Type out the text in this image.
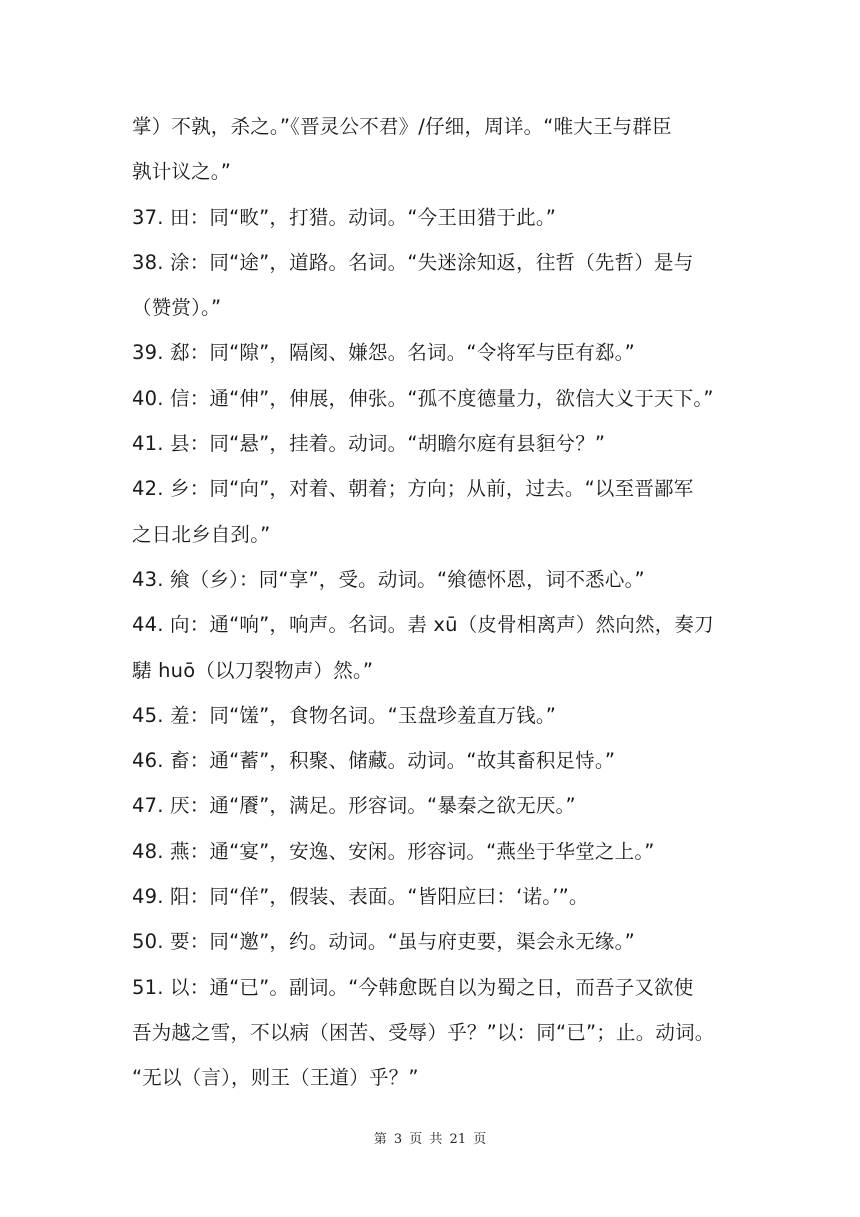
掌）不孰，杀之。”《晋灵公不君》/仔细，周详。“唯大王与群臣
孰计议之。”
37. 田：同“畋”，打猎。动词。“今王田猎于此。”
38. 涂：同“途”，道路。名词。“失迷涂知返，往哲（先哲）是与
（赞赏）。”
39. 郄：同“隙”，隔阂、嫌怨。名词。“令将军与臣有郄。”
40. 信：通“伸”，伸展，伸张。“孤不度德量力，欲信大义于天下。”
41. 县：同“悬”，挂着。动词。“胡瞻尔庭有县貆兮？”
42. 乡：同“向”，对着、朝着；方向；从前，过去。“以至晋鄙军
之日北乡自刭。”
43. 飨（乡）：同“享”，受。动词。“飨德怀恩，词不悉心。”
44. 向：通“响”，响声。名词。砉 xū（皮骨相离声）然向然，奏刀
騞 huō（以刀裂物声）然。”
45. 羞：同“馐”，食物名词。“玉盘珍羞直万钱。”
46. 畜：通“蓄”，积聚、储藏。动词。“故其畜积足恃。”
47. 厌：通“餍”，满足。形容词。“暴秦之欲无厌。”
48. 燕：通“宴”，安逸、安闲。形容词。“燕坐于华堂之上。”
49. 阳：同“佯”，假装、表面。“皆阳应曰：‘诺。’”。
50. 要：同“邀”，约。动词。“虽与府吏要，渠会永无缘。”
51. 以：通“已”。副词。“今韩愈既自以为蜀之日，而吾子又欲使
吾为越之雪，不以病（困苦、受辱）乎？”以：同“已”；止。动词。
“无以（言），则王（王道）乎？”
第 3 页 共 21 页
